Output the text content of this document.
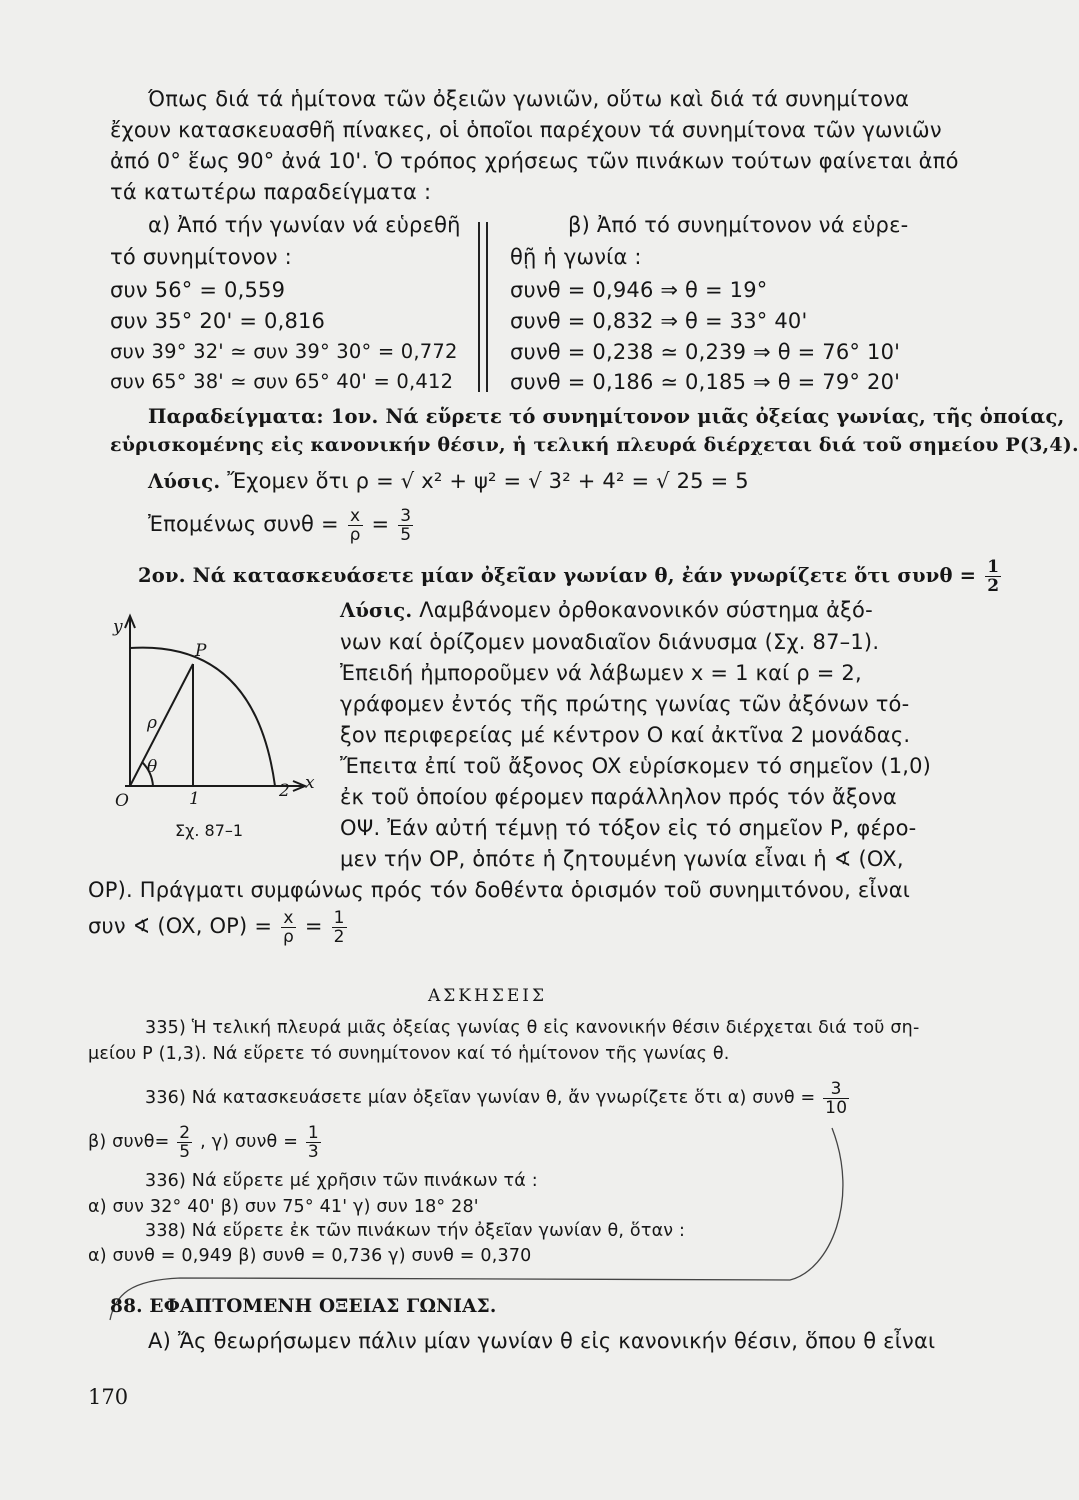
Όπως διά τά ἡμίτονα τῶν ὀξειῶν γωνιῶν, οὕτω καὶ διά τά συνημίτονα
ἔχουν κατασκευασθῆ πίνακες, οἱ ὁποῖοι παρέχουν τά συνημίτονα τῶν γωνιῶν
ἀπό 0° ἕως 90° ἀνά 10'. Ὁ τρόπος χρήσεως τῶν πινάκων τούτων φαίνεται ἀπό
τά κατωτέρω παραδείγματα :
α) Ἀπό τήν γωνίαν νά εὑρεθῆ
τό συνημίτονον :
συν 56° = 0,559
συν 35° 20' = 0,816
συν 39° 32' ≃ συν 39° 30° = 0,772
συν 65° 38' ≃ συν 65° 40' = 0,412
β) Ἀπό τό συνημίτονον νά εὑρε-
θῇ ἡ γωνία :
συνθ = 0,946 ⇒ θ = 19°
συνθ = 0,832 ⇒ θ = 33° 40'
συνθ = 0,238 ≃ 0,239 ⇒ θ = 76° 10'
συνθ = 0,186 ≃ 0,185 ⇒ θ = 79° 20'
Παραδείγματα: 1ον. Νά εὕρετε τό συνημίτονον μιᾶς ὀξείας γωνίας, τῆς ὁποίας,
εὑρισκομένης εἰς κανονικήν θέσιν, ἡ τελική πλευρά διέρχεται διά τοῦ σημείου P(3,4).
Λύσις. Ἔχομεν ὅτι ρ = √ x² + ψ² = √ 3² + 4² = √ 25 = 5
Ἐπομένως $\sigma\upsilon\nu\theta = \frac{x}{\rho} = \frac{3}{5}$
2ον. Νά κατασκευάσετε μίαν ὀξεῖαν γωνίαν θ, ἐάν γνωρίζετε ὅτι $\sigma\upsilon\nu\theta = \frac{1}{2}$
y
P
ρ
θ
O	1	2 x
Σχ. 87–1
Λύσις. Λαμβάνομεν ὀρθοκανονικόν σύστημα ἀξό-
νων καί ὁρίζομεν μοναδιαῖον διάνυσμα (Σχ. 87–1).
Ἐπειδή ἠμποροῦμεν νά λάβωμεν x = 1 καί ρ = 2,
γράφομεν ἐντός τῆς πρώτης γωνίας τῶν ἀξόνων τό-
ξον περιφερείας μέ κέντρον O καί ἀκτῖνα 2 μονάδας.
Ἔπειτα ἐπί τοῦ ἄξονος OX εὑρίσκομεν τό σημεῖον (1,0)
ἐκ τοῦ ὁποίου φέρομεν παράλληλον πρός τόν ἄξονα
OΨ. Ἐάν αὐτή τέμνῃ τό τόξον εἰς τό σημεῖον P, φέρο-
μεν τήν OP, ὁπότε ἡ ζητουμένη γωνία εἶναι ἡ ∢ (OX,
OP). Πράγματι συμφώνως πρός τόν δοθέντα ὁρισμόν τοῦ συνημιτόνου, εἶναι
συν ∢ (OX, $OP) = \frac{x}{\rho} = \frac{1}{2}$
ΑΣΚΗΣΕΙΣ
335) Ἡ τελική πλευρά μιᾶς ὀξείας γωνίας θ εἰς κανονικήν θέσιν διέρχεται διά τοῦ ση-
μείου P (1,3). Νά εὕρετε τό συνημίτονον καί τό ἡμίτονον τῆς γωνίας θ.
336) Νά κατασκευάσετε μίαν ὀξεῖαν γωνίαν θ, ἄν γνωρίζετε ὅτι α) $\sigma\upsilon\nu\theta = \frac{3}{10}$
β) $\sigma\upsilon\nu\theta= \frac{2}{5}$ , γ) $\sigma\upsilon\nu\theta = \frac{1}{3}$
336) Νά εὕρετε μέ χρῆσιν τῶν πινάκων τά :
α) συν 32° 40' β) συν 75° 41' γ) συν 18° 28'
338) Νά εὕρετε ἐκ τῶν πινάκων τήν ὀξεῖαν γωνίαν θ, ὅταν :
α) συνθ = 0,949 β) συνθ = 0,736 γ) συνθ = 0,370
88. ΕΦΑΠΤΟΜΕΝΗ ΟΞΕΙΑΣ ΓΩΝΙΑΣ.
Α) Ἄς θεωρήσωμεν πάλιν μίαν γωνίαν θ εἰς κανονικήν θέσιν, ὅπου θ εἶναι
170
